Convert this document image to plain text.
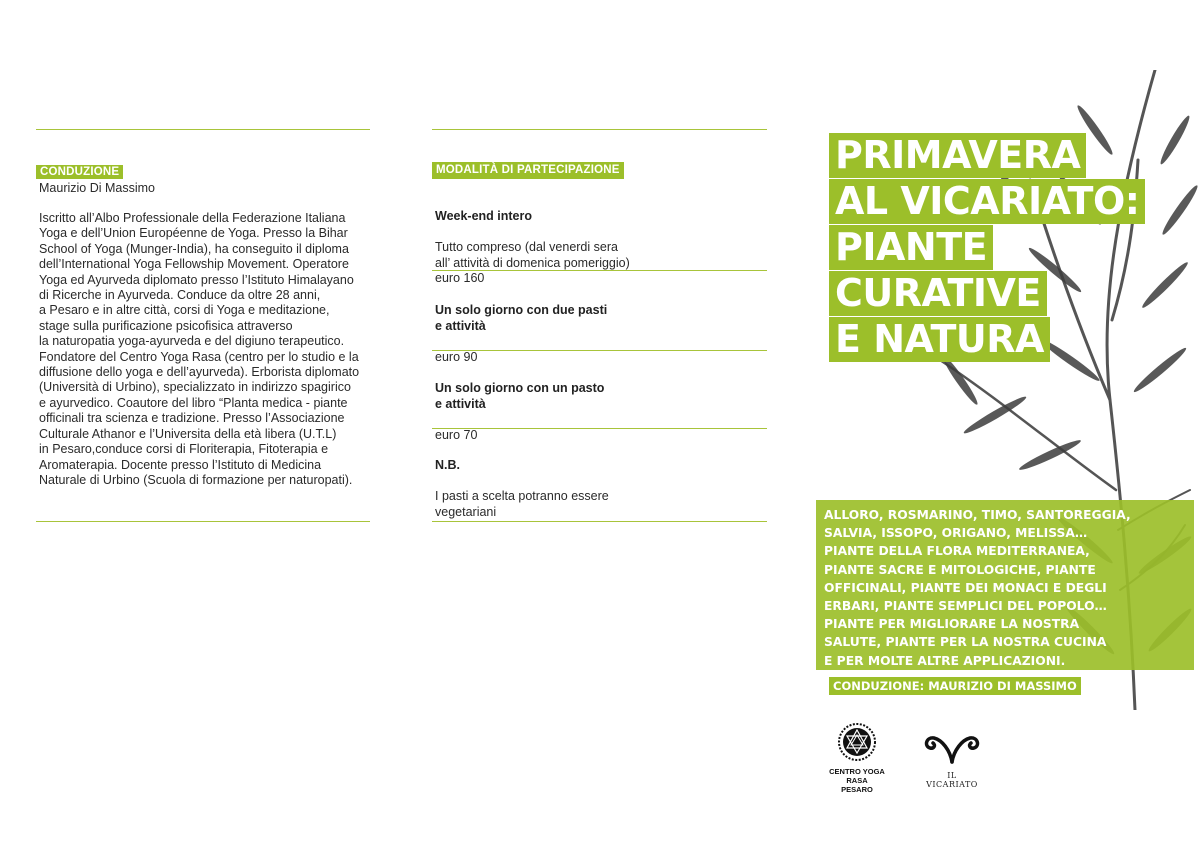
CONDUZIONE
Maurizio Di Massimo
Iscritto all’Albo Professionale della Federazione Italiana
Yoga e dell’Union Européenne de Yoga. Presso la Bihar
School of Yoga (Munger-India), ha conseguito il diploma
dell’International Yoga Fellowship Movement. Operatore
Yoga ed Ayurveda diplomato presso l’Istituto Himalayano
di Ricerche in Ayurveda. Conduce da oltre 28 anni,
a Pesaro e in altre città, corsi di Yoga e meditazione,
stage sulla purificazione psicofisica attraverso
la naturopatia yoga-ayurveda e del digiuno terapeutico.
Fondatore del Centro Yoga Rasa (centro per lo studio e la
diffusione dello yoga e dell’ayurveda). Erborista diplomato
(Università di Urbino), specializzato in indirizzo spagirico
e ayurvedico. Coautore del libro “Planta medica - piante
officinali tra scienza e tradizione. Presso l’Associazione
Culturale Athanor e l’Universita della età libera (U.T.L)
in Pesaro,conduce corsi di Floriterapia, Fitoterapia e
Aromaterapia. Docente presso l’Istituto di Medicina
Naturale di Urbino (Scuola di formazione per naturopati).
MODALITÀ DI PARTECIPAZIONE

Week-end intero

Tutto compreso (dal venerdi sera
all’ attività di domenica pomeriggio)
euro 160

Un solo giorno con due pasti
e attività

euro 90

Un solo giorno con un pasto
e attività

euro 70

N.B.

I pasti a scelta potranno essere
vegetariani

PRIMAVERA
AL VICARIATO:
PIANTE
CURATIVE
E NATURA
ALLORO, ROSMARINO, TIMO, SANTOREGGIA,
SALVIA, ISSOPO, ORIGANO, MELISSA…
PIANTE DELLA FLORA MEDITERRANEA,
PIANTE SACRE E MITOLOGICHE, PIANTE
OFFICINALI, PIANTE DEI MONACI E DEGLI
ERBARI, PIANTE SEMPLICI DEL POPOLO…
PIANTE PER MIGLIORARE LA NOSTRA
SALUTE, PIANTE PER LA NOSTRA CUCINA
E PER MOLTE ALTRE APPLICAZIONI.
CONDUZIONE: MAURIZIO DI MASSIMO
CENTRO YOGA RASA
PESARO
IL VICARIATO
